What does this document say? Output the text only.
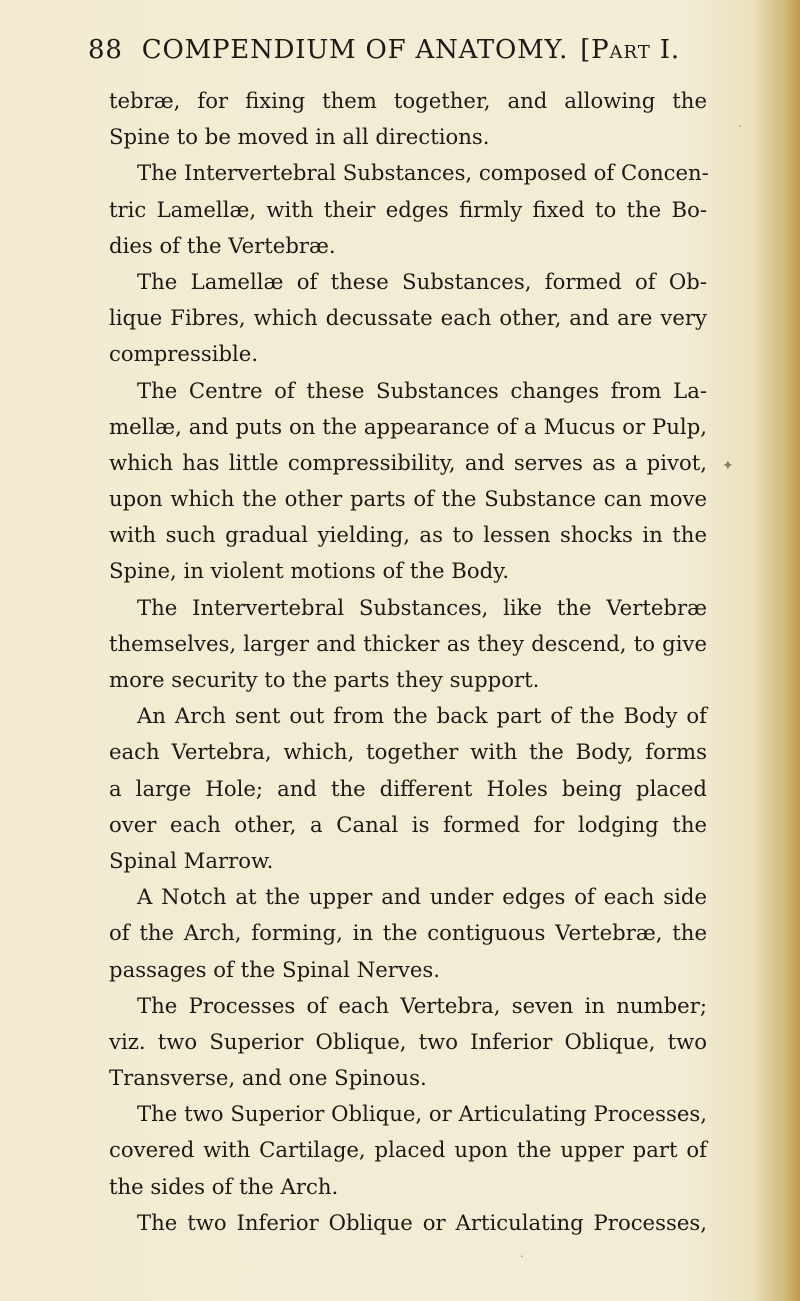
88 COMPENDIUM OF ANATOMY. [PART I.
tebræ, for fixing them together, and allowing the
Spine to be moved in all directions.
The Intervertebral Substances, composed of Concen-
tric Lamellæ, with their edges firmly fixed to the Bo-
dies of the Vertebræ.
The Lamellæ of these Substances, formed of Ob-
lique Fibres, which decussate each other, and are very
compressible.
The Centre of these Substances changes from La-
mellæ, and puts on the appearance of a Mucus or Pulp,
which has little compressibility, and serves as a pivot,
upon which the other parts of the Substance can move
with such gradual yielding, as to lessen shocks in the
Spine, in violent motions of the Body.
The Intervertebral Substances, like the Vertebræ
themselves, larger and thicker as they descend, to give
more security to the parts they support.
An Arch sent out from the back part of the Body of
each Vertebra, which, together with the Body, forms
a large Hole; and the different Holes being placed
over each other, a Canal is formed for lodging the
Spinal Marrow.
A Notch at the upper and under edges of each side
of the Arch, forming, in the contiguous Vertebræ, the
passages of the Spinal Nerves.
The Processes of each Vertebra, seven in number;
viz. two Superior Oblique, two Inferior Oblique, two
Transverse, and one Spinous.
The two Superior Oblique, or Articulating Processes,
covered with Cartilage, placed upon the upper part of
the sides of the Arch.
The two Inferior Oblique or Articulating Processes,
✦
·
·
